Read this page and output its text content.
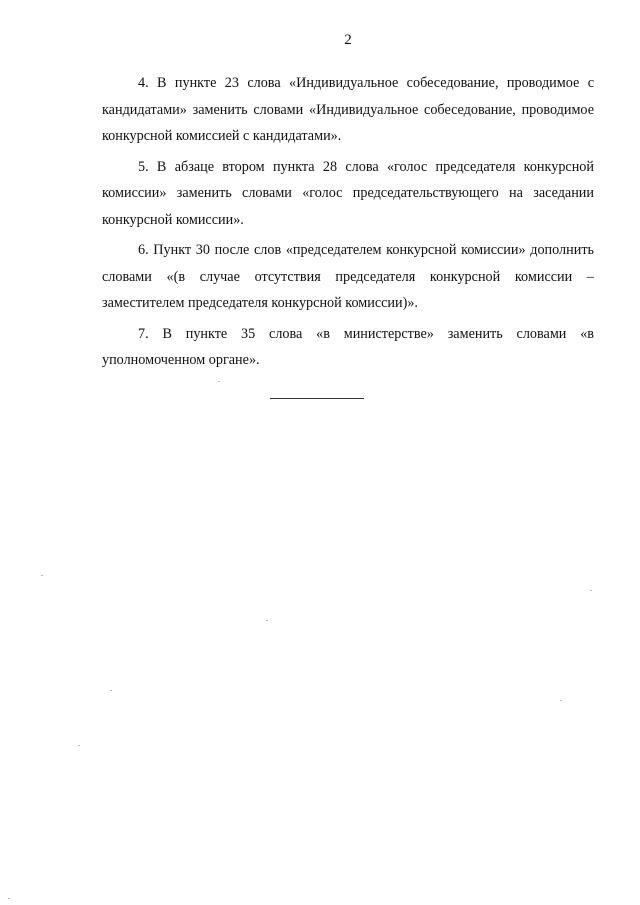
2

4. В пункте 23 слова «Индивидуальное собеседование, проводимое с кандидатами» заменить словами «Индивидуальное собеседование, проводимое конкурсной комиссией с кандидатами».

5. В абзаце втором пункта 28 слова «голос председателя конкурсной комиссии» заменить словами «голос председательствующего на заседании конкурсной комиссии».

6. Пункт 30 после слов «председателем конкурсной комиссии» дополнить словами «(в случае отсутствия председателя конкурсной комиссии – заместителем председателя конкурсной комиссии)».

7. В пункте 35 слова «в министерстве» заменить словами «в уполномоченном органе».
